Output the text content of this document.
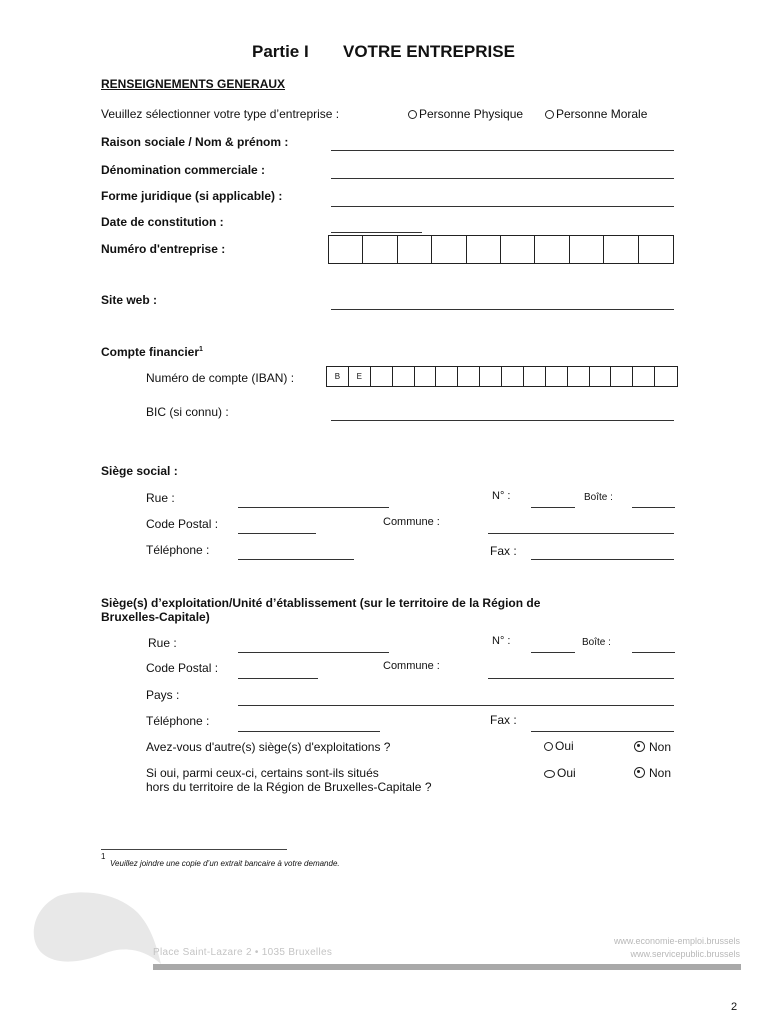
Partie I VOTRE ENTREPRISE
RENSEIGNEMENTS GENERAUX
Veuillez sélectionner votre type d’entreprise :	Personne Physique	Personne Morale
Raison sociale / Nom & prénom :
Dénomination commerciale :
Forme juridique (si applicable) :
Date de constitution :
Numéro d'entreprise :
Site web :
Compte financier$^1$
Numéro de compte (IBAN) :	B	E
BIC (si connu) :
Siège social :
Rue :	N° :	Boîte :
Code Postal :	Commune :
Téléphone :	Fax :
Siège(s) d’exploitation/Unité d’établissement (sur le territoire de la Région de
Bruxelles-Capitale)
Rue :	N° :	Boîte :
Code Postal :	Commune :
Pays :
Téléphone :	Fax :
Avez-vous d'autre(s) siège(s) d'exploitations ?	Oui	Non
Si oui, parmi ceux-ci, certains sont-ils situés
hors du territoire de la Région de Bruxelles-Capitale ?
Oui	Non
1
Veuillez joindre une copie d’un extrait bancaire à votre demande.
Place Saint-Lazare 2 • 1035 Bruxelles
www.economie-emploi.brussels
www.servicepublic.brussels
2
